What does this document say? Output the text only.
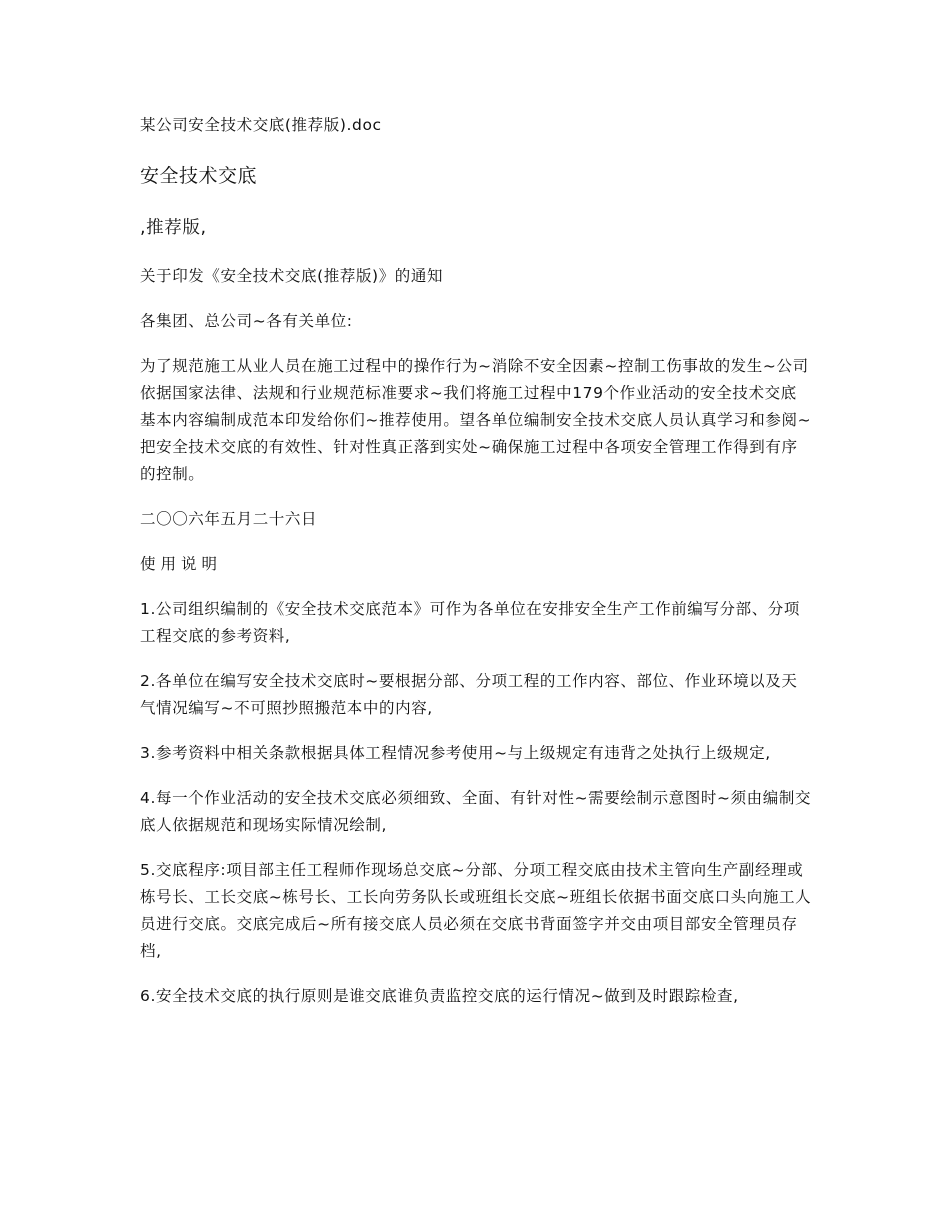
某公司安全技术交底(推荐版).doc

安全技术交底

,推荐版,

关于印发《安全技术交底(推荐版)》的通知

各集团、总公司~各有关单位:

为了规范施工从业人员在施工过程中的操作行为~消除不安全因素~控制工伤事故的发生~公司依据国家法律、法规和行业规范标准要求~我们将施工过程中179个作业活动的安全技术交底基本内容编制成范本印发给你们~推荐使用。望各单位编制安全技术交底人员认真学习和参阅~把安全技术交底的有效性、针对性真正落到实处~确保施工过程中各项安全管理工作得到有序的控制。

二〇〇六年五月二十六日

使用说明

1.公司组织编制的《安全技术交底范本》可作为各单位在安排安全生产工作前编写分部、分项工程交底的参考资料,

2.各单位在编写安全技术交底时~要根据分部、分项工程的工作内容、部位、作业环境以及天气情况编写~不可照抄照搬范本中的内容,

3.参考资料中相关条款根据具体工程情况参考使用~与上级规定有违背之处执行上级规定,

4.每一个作业活动的安全技术交底必须细致、全面、有针对性~需要绘制示意图时~须由编制交底人依据规范和现场实际情况绘制,

5.交底程序:项目部主任工程师作现场总交底~分部、分项工程交底由技术主管向生产副经理或栋号长、工长交底~栋号长、工长向劳务队长或班组长交底~班组长依据书面交底口头向施工人员进行交底。交底完成后~所有接交底人员必须在交底书背面签字并交由项目部安全管理员存档,

6.安全技术交底的执行原则是谁交底谁负责监控交底的运行情况~做到及时跟踪检查,
